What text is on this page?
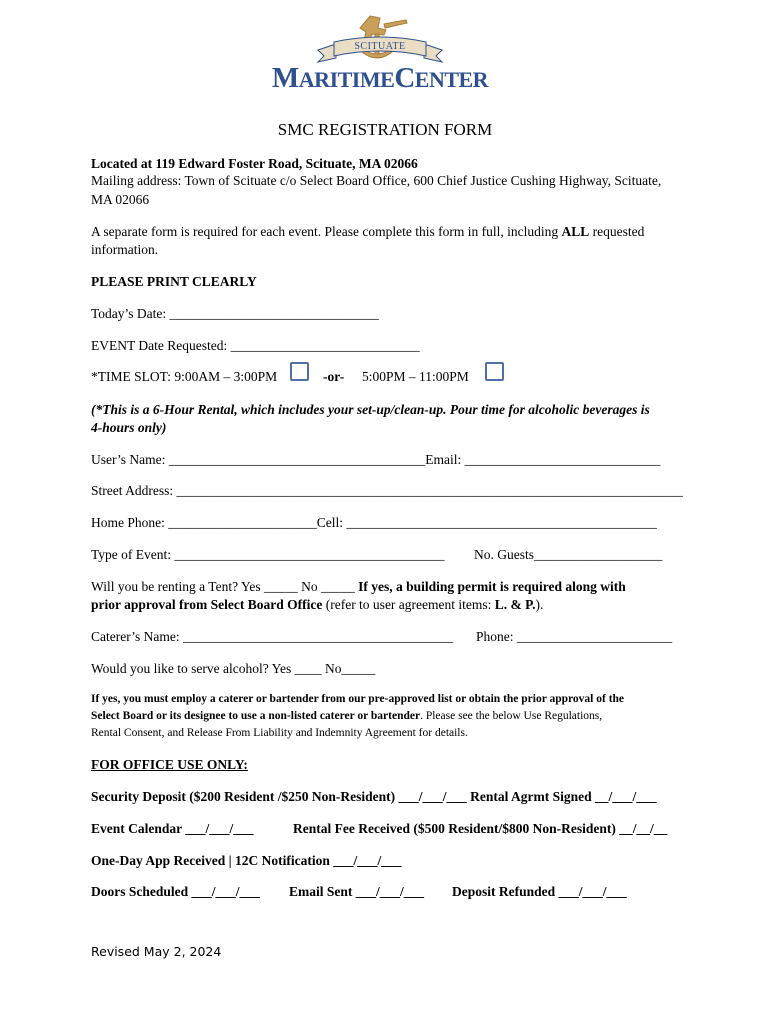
SCITUATE
MARITIMECENTER
SMC REGISTRATION FORM
Located at 119 Edward Foster Road, Scituate, MA 02066
Mailing address: Town of Scituate c/o Select Board Office, 600 Chief Justice Cushing Highway, Scituate,
MA 02066
A separate form is required for each event. Please complete this form in full, including ALL requested
information.
PLEASE PRINT CLEARLY
Today’s Date: _______________________________
EVENT Date Requested: ____________________________
*TIME SLOT: 9:00AM – 3:00PM	-or- 5:00PM – 11:00PM
(*This is a 6-Hour Rental, which includes your set-up/clean-up. Pour time for alcoholic beverages is
4-hours only)
User’s Name: ______________________________________Email: _____________________________
Street Address: ___________________________________________________________________________
Home Phone: ______________________Cell: ______________________________________________
Type of Event: ________________________________________ No. Guests___________________
Will you be renting a Tent? Yes _____ No _____ If yes, a building permit is required along with
prior approval from Select Board Office (refer to user agreement items: L. & P.).
Caterer’s Name: ________________________________________ Phone: _______________________
Would you like to serve alcohol? Yes ____ No_____
If yes, you must employ a caterer or bartender from our pre-approved list or obtain the prior approval of the
Select Board or its designee to use a non-listed caterer or bartender. Please see the below Use Regulations,
Rental Consent, and Release From Liability and Indemnity Agreement for details.
FOR OFFICE USE ONLY:
Security Deposit ($200 Resident /$250 Non-Resident) ___/___/___ Rental Agrmt Signed __/___/___
Event Calendar ___/___/___	Rental Fee Received ($500 Resident/$800 Non-Resident) __/__/__
One-Day App Received | 12C Notification ___/___/___
Doors Scheduled ___/___/___ Email Sent ___/___/___ Deposit Refunded ___/___/___
Revised May 2, 2024
